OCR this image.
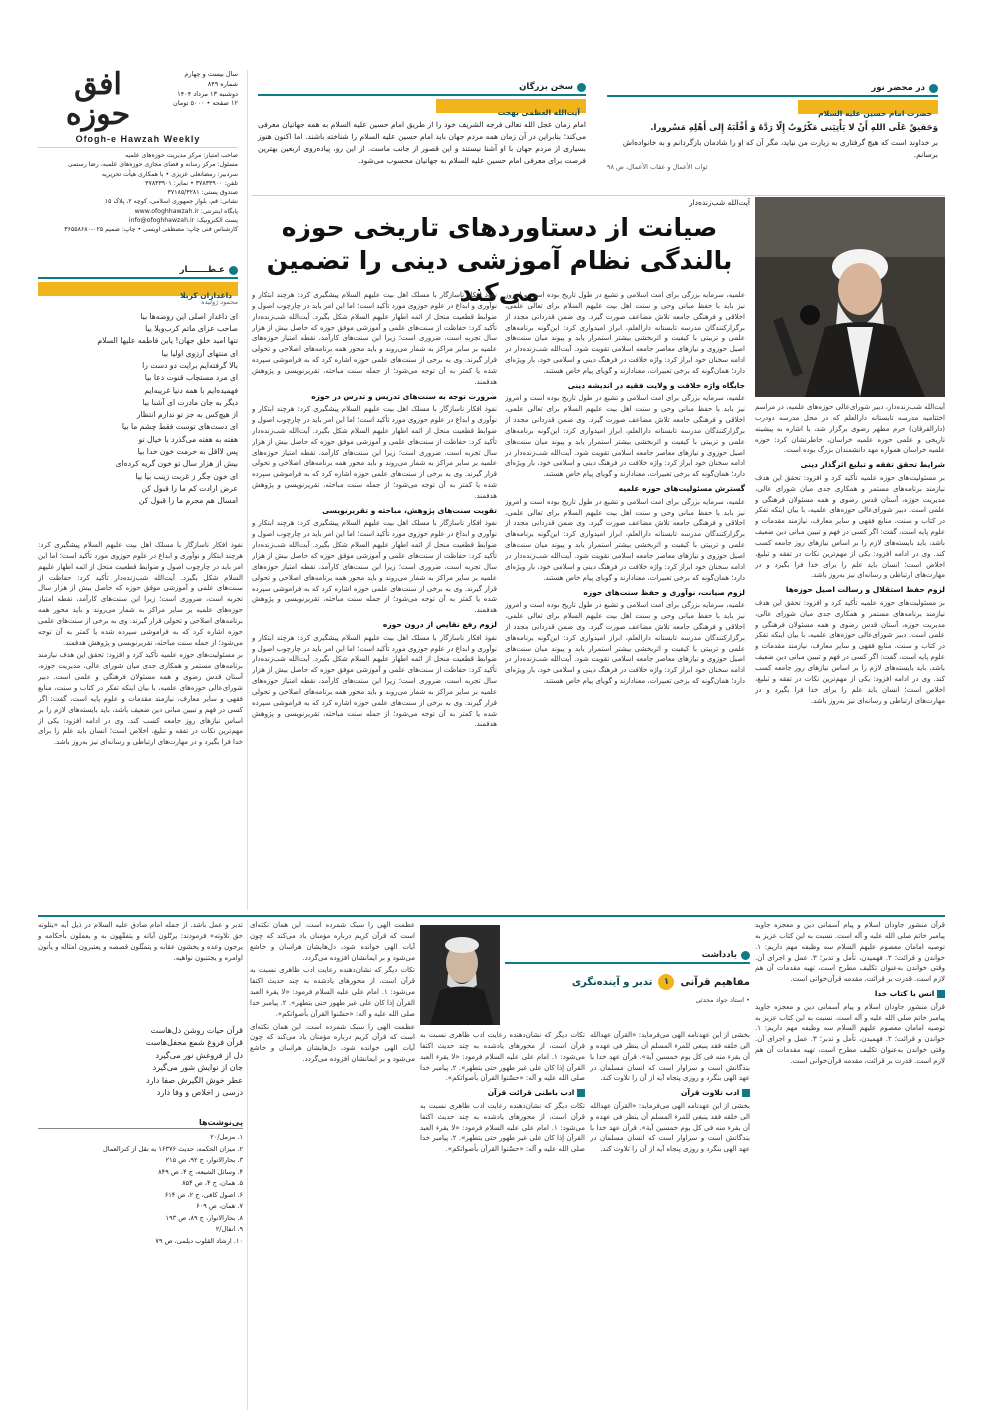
سال بیست و چهارم
شماره ۸۴۹
دوشنبه ۱۳ مرداد ۱۴۰۴
۱۲ صفحه • ۵۰۰۰ تومان
افق حوزه
Ofogh-e Hawzah Weekly
صاحب امتیاز: مرکز مدیریت حوزه‌های علمیه
مسئول: مرکز رسانه و فضای مجازی حوزه‌های علمیه، رضا رستمی
سردبیر: رمضانعلی عزیزی • با همکاری هیأت تحریریه
تلفن: ۳۷۸۳۳۹۰۰ • نمابر: ۳۷۸۳۳۹۰۱
صندوق پستی: ۳۷۱۸۵/۳۲۸۱
نشانی: قم، بلوار جمهوری اسلامی، کوچه ۲، پلاک ۱۵
پایگاه اینترنتی: www.ofoghhawzah.ir
پست الکترونیک: info@ofoghhawzah.ir
کارشناس فنی چاپ: مصطفی اویسی • چاپ: صمیم ۰۲۵-۳۶۵۵۸۶۸۰
در محضر نور
حضرت امام حسین علیه السلام
وَحَقیقٌ عَلَی اللهِ أَنْ لا یَأْتِیَنی مَکْرُوبٌ إِلّا رَدَّهُ وَ أَقْلَبَهُ إِلی أَهْلِهِ مَسْرورا.
بر خداوند است که هیچ گرفتاری به زیارت من نیاید، مگر آن که او را شادمان بازگردانم و به خانواده‌اش برسانم.
ثواب الأعمال و عقاب الأعمال، ص ۹۸
سخن بزرگان
آیت‌الله العظمی بهجت
امام زمان عجل الله تعالی فرجه الشریف خود را از طریق امام حسین علیه السلام به همه جهانیان معرفی می‌کند؛ بنابراین در آن زمان همه مردم جهان باید امام حسین علیه السلام را شناخته باشند. اما اکنون هنوز بسیاری از مردم جهان با او آشنا نیستند و این قصور از جانب ماست. از این رو، پیاده‌روی اربعین بهترین فرصت برای معرفی امام حسین علیه السلام به جهانیان محسوب می‌شود.
آیت‌الله شب‌زنده‌دار
صیانت از دستاوردهای تاریخی حوزه
بالندگی نظام آموزشی دینی را تضمین می‌کند

آیت‌الله شب‌زنده‌دار، دبیر شورای‌عالی حوزه‌های علمیه، در مراسم اختتامیه مدرسه تابستانه دارالعلم که در محل مدرسه دودرب (دارالفرقان) حرم مطهر رضوی برگزار شد، با اشاره به پیشینه تاریخی و علمی حوزه علمیه خراسان، خاطرنشان کرد: حوزه علمیه خراسان همواره مهد دانشمندان بزرگ بوده است.

شرایط تحقق تفقه و تبلیغ اثرگذار دینی

بر مسئولیت‌های حوزه علمیه تأکید کرد و افزود: تحقق این هدف نیازمند برنامه‌های مستمر و همکاری جدی میان شورای عالی، مدیریت حوزه، آستان قدس رضوی و همه مسئولان فرهنگی و علمی است. دبیر شورای‌عالی حوزه‌های علمیه، با بیان اینکه تفکر در کتاب و سنت، منابع فقهی و سایر معارف، نیازمند مقدمات و علوم پایه است، گفت: اگر کسی در فهم و تبیین مبانی دین ضعیف باشد، باید بایسته‌های لازم را بر اساس نیازهای روز جامعه کسب کند. وی در ادامه افزود: یکی از مهم‌ترین نکات در تفقه و تبلیغ، اخلاص است؛ انسان باید علم را برای خدا فرا بگیرد و در مهارت‌های ارتباطی و رسانه‌ای نیز به‌روز باشد.

لزوم حفظ استقلال و رسالت اصیل حوزه‌ها

بر مسئولیت‌های حوزه علمیه تأکید کرد و افزود: تحقق این هدف نیازمند برنامه‌های مستمر و همکاری جدی میان شورای عالی، مدیریت حوزه، آستان قدس رضوی و همه مسئولان فرهنگی و علمی است. دبیر شورای‌عالی حوزه‌های علمیه، با بیان اینکه تفکر در کتاب و سنت، منابع فقهی و سایر معارف، نیازمند مقدمات و علوم پایه است، گفت: اگر کسی در فهم و تبیین مبانی دین ضعیف باشد، باید بایسته‌های لازم را بر اساس نیازهای روز جامعه کسب کند. وی در ادامه افزود: یکی از مهم‌ترین نکات در تفقه و تبلیغ، اخلاص است؛ انسان باید علم را برای خدا فرا بگیرد و در مهارت‌های ارتباطی و رسانه‌ای نیز به‌روز باشد.

علمیه، سرمایه بزرگی برای امت اسلامی و تشیع در طول تاریخ بوده است و امروز نیز باید با حفظ مبانی وحی و سنت اهل بیت علیهم السلام برای تعالی علمی، اخلاقی و فرهنگی جامعه تلاش مضاعف صورت گیرد. وی ضمن قدردانی مجدد از برگزارکنندگان مدرسه تابستانه دارالعلم، ابراز امیدواری کرد: این‌گونه برنامه‌های علمی و تربیتی با کیفیت و اثربخشی بیشتر استمرار یابد و پیوند میان سنت‌های اصیل حوزوی و نیازهای معاصر جامعه اسلامی تقویت شود. آیت‌الله شب‌زنده‌دار در ادامه سخنان خود ابراز کرد: واژه خلافت در فرهنگ دینی و اسلامی خود، بار ویژه‌ای دارد؛ همان‌گونه که برخی تعبیرات، معنادارند و گویای پیام خاص هستند.

جایگاه واژه خلافت و ولایت فقیه در اندیشه دینی

علمیه، سرمایه بزرگی برای امت اسلامی و تشیع در طول تاریخ بوده است و امروز نیز باید با حفظ مبانی وحی و سنت اهل بیت علیهم السلام برای تعالی علمی، اخلاقی و فرهنگی جامعه تلاش مضاعف صورت گیرد. وی ضمن قدردانی مجدد از برگزارکنندگان مدرسه تابستانه دارالعلم، ابراز امیدواری کرد: این‌گونه برنامه‌های علمی و تربیتی با کیفیت و اثربخشی بیشتر استمرار یابد و پیوند میان سنت‌های اصیل حوزوی و نیازهای معاصر جامعه اسلامی تقویت شود. آیت‌الله شب‌زنده‌دار در ادامه سخنان خود ابراز کرد: واژه خلافت در فرهنگ دینی و اسلامی خود، بار ویژه‌ای دارد؛ همان‌گونه که برخی تعبیرات، معنادارند و گویای پیام خاص هستند.

گسترش مسئولیت‌های حوزه علمیه

علمیه، سرمایه بزرگی برای امت اسلامی و تشیع در طول تاریخ بوده است و امروز نیز باید با حفظ مبانی وحی و سنت اهل بیت علیهم السلام برای تعالی علمی، اخلاقی و فرهنگی جامعه تلاش مضاعف صورت گیرد. وی ضمن قدردانی مجدد از برگزارکنندگان مدرسه تابستانه دارالعلم، ابراز امیدواری کرد: این‌گونه برنامه‌های علمی و تربیتی با کیفیت و اثربخشی بیشتر استمرار یابد و پیوند میان سنت‌های اصیل حوزوی و نیازهای معاصر جامعه اسلامی تقویت شود. آیت‌الله شب‌زنده‌دار در ادامه سخنان خود ابراز کرد: واژه خلافت در فرهنگ دینی و اسلامی خود، بار ویژه‌ای دارد؛ همان‌گونه که برخی تعبیرات، معنادارند و گویای پیام خاص هستند.

لزوم صیانت، نوآوری و حفظ سنت‌های حوزه

علمیه، سرمایه بزرگی برای امت اسلامی و تشیع در طول تاریخ بوده است و امروز نیز باید با حفظ مبانی وحی و سنت اهل بیت علیهم السلام برای تعالی علمی، اخلاقی و فرهنگی جامعه تلاش مضاعف صورت گیرد. وی ضمن قدردانی مجدد از برگزارکنندگان مدرسه تابستانه دارالعلم، ابراز امیدواری کرد: این‌گونه برنامه‌های علمی و تربیتی با کیفیت و اثربخشی بیشتر استمرار یابد و پیوند میان سنت‌های اصیل حوزوی و نیازهای معاصر جامعه اسلامی تقویت شود. آیت‌الله شب‌زنده‌دار در ادامه سخنان خود ابراز کرد: واژه خلافت در فرهنگ دینی و اسلامی خود، بار ویژه‌ای دارد؛ همان‌گونه که برخی تعبیرات، معنادارند و گویای پیام خاص هستند.

نفوذ افکار ناسازگار با مسلک اهل بیت علیهم السلام پیشگیری کرد: هرچند ابتکار و نوآوری و ابداع در علوم حوزوی مورد تأکید است؛ اما این امر باید در چارچوب اصول و ضوابط قطعیت منحل از ائمه اطهار علیهم السلام شکل بگیرد. آیت‌الله شب‌زنده‌دار تأکید کرد: حفاظت از سنت‌های علمی و آموزشی موفق حوزه که حاصل بیش از هزار سال تجربه است، ضروری است؛ زیرا این سنت‌های کارآمد، نقطه امتیاز حوزه‌های علمیه بر سایر مراکز به شمار می‌روند و باید محور همه برنامه‌های اصلاحی و تحولی قرار گیرند. وی به برخی از سنت‌های علمی حوزه اشاره کرد که به فراموشی سپرده شده یا کمتر به آن توجه می‌شود؛ از جمله سنت مباحثه، تقریرنویسی و پژوهش هدفمند.

ضرورت توجه به سنت‌های تدریس و تدرس در حوزه

نفوذ افکار ناسازگار با مسلک اهل بیت علیهم السلام پیشگیری کرد: هرچند ابتکار و نوآوری و ابداع در علوم حوزوی مورد تأکید است؛ اما این امر باید در چارچوب اصول و ضوابط قطعیت منحل از ائمه اطهار علیهم السلام شکل بگیرد. آیت‌الله شب‌زنده‌دار تأکید کرد: حفاظت از سنت‌های علمی و آموزشی موفق حوزه که حاصل بیش از هزار سال تجربه است، ضروری است؛ زیرا این سنت‌های کارآمد، نقطه امتیاز حوزه‌های علمیه بر سایر مراکز به شمار می‌روند و باید محور همه برنامه‌های اصلاحی و تحولی قرار گیرند. وی به برخی از سنت‌های علمی حوزه اشاره کرد که به فراموشی سپرده شده یا کمتر به آن توجه می‌شود؛ از جمله سنت مباحثه، تقریرنویسی و پژوهش هدفمند.

تقویت سنت‌های پژوهش، مباحثه و تقریرنویسی

نفوذ افکار ناسازگار با مسلک اهل بیت علیهم السلام پیشگیری کرد: هرچند ابتکار و نوآوری و ابداع در علوم حوزوی مورد تأکید است؛ اما این امر باید در چارچوب اصول و ضوابط قطعیت منحل از ائمه اطهار علیهم السلام شکل بگیرد. آیت‌الله شب‌زنده‌دار تأکید کرد: حفاظت از سنت‌های علمی و آموزشی موفق حوزه که حاصل بیش از هزار سال تجربه است، ضروری است؛ زیرا این سنت‌های کارآمد، نقطه امتیاز حوزه‌های علمیه بر سایر مراکز به شمار می‌روند و باید محور همه برنامه‌های اصلاحی و تحولی قرار گیرند. وی به برخی از سنت‌های علمی حوزه اشاره کرد که به فراموشی سپرده شده یا کمتر به آن توجه می‌شود؛ از جمله سنت مباحثه، تقریرنویسی و پژوهش هدفمند.

لزوم رفع نقایص از درون حوزه

نفوذ افکار ناسازگار با مسلک اهل بیت علیهم السلام پیشگیری کرد: هرچند ابتکار و نوآوری و ابداع در علوم حوزوی مورد تأکید است؛ اما این امر باید در چارچوب اصول و ضوابط قطعیت منحل از ائمه اطهار علیهم السلام شکل بگیرد. آیت‌الله شب‌زنده‌دار تأکید کرد: حفاظت از سنت‌های علمی و آموزشی موفق حوزه که حاصل بیش از هزار سال تجربه است، ضروری است؛ زیرا این سنت‌های کارآمد، نقطه امتیاز حوزه‌های علمیه بر سایر مراکز به شمار می‌روند و باید محور همه برنامه‌های اصلاحی و تحولی قرار گیرند. وی به برخی از سنت‌های علمی حوزه اشاره کرد که به فراموشی سپرده شده یا کمتر به آن توجه می‌شود؛ از جمله سنت مباحثه، تقریرنویسی و پژوهش هدفمند.

عـطـــــــار
داغداران کربلا
محمود ژولیده
ای داغدار اصلی این روضه‌ها بیا
صاحب عزای ماتم کرب‌وبلا بیا
تنها امید خلق جهان! یابن فاطمه علیها السلام
ای منتهای آرزوی اولیا بیا
بالا گرفته‌ایم برایت دو دست را
ای مرد مستجاب قنوت دعا بیا
فهمیده‌ایم با همه دنیا غریبه‌ایم
دیگر به جان مادرت ای آشنا بیا
از هیچ‌کس به جز تو ندارم انتظار
ای دست‌های توست فقط چشم ما بیا
هفته به هفته می‌گذرد با خیال تو
پس لااقل به حرمت خون خدا بیا
بیش از هزار سال تو خون گریه کرده‌ای
ای خون جگر ز غربت زینب بیا بیا
عرض ارادت کم ما را قبول کن
امسال هم محرم ما را قبول کن

نفوذ افکار ناسازگار با مسلک اهل بیت علیهم السلام پیشگیری کرد: هرچند ابتکار و نوآوری و ابداع در علوم حوزوی مورد تأکید است؛ اما این امر باید در چارچوب اصول و ضوابط قطعیت منحل از ائمه اطهار علیهم السلام شکل بگیرد. آیت‌الله شب‌زنده‌دار تأکید کرد: حفاظت از سنت‌های علمی و آموزشی موفق حوزه که حاصل بیش از هزار سال تجربه است، ضروری است؛ زیرا این سنت‌های کارآمد، نقطه امتیاز حوزه‌های علمیه بر سایر مراکز به شمار می‌روند و باید محور همه برنامه‌های اصلاحی و تحولی قرار گیرند. وی به برخی از سنت‌های علمی حوزه اشاره کرد که به فراموشی سپرده شده یا کمتر به آن توجه می‌شود؛ از جمله سنت مباحثه، تقریرنویسی و پژوهش هدفمند.

بر مسئولیت‌های حوزه علمیه تأکید کرد و افزود: تحقق این هدف نیازمند برنامه‌های مستمر و همکاری جدی میان شورای عالی، مدیریت حوزه، آستان قدس رضوی و همه مسئولان فرهنگی و علمی است. دبیر شورای‌عالی حوزه‌های علمیه، با بیان اینکه تفکر در کتاب و سنت، منابع فقهی و سایر معارف، نیازمند مقدمات و علوم پایه است، گفت: اگر کسی در فهم و تبیین مبانی دین ضعیف باشد، باید بایسته‌های لازم را بر اساس نیازهای روز جامعه کسب کند. وی در ادامه افزود: یکی از مهم‌ترین نکات در تفقه و تبلیغ، اخلاص است؛ انسان باید علم را برای خدا فرا بگیرد و در مهارت‌های ارتباطی و رسانه‌ای نیز به‌روز باشد.

قرآن منشور جاودان اسلام و پیام آسمانی دین و معجزه جاوید پیامبر خاتم صلی الله علیه و آله است. نسبت به این کتاب عزیز به توصیه امامان معصوم علیهم السلام سه وظیفه مهم داریم: ۱. خواندن و قرائت؛ ۲. فهمیدن، تأمل و تدبر؛ ۳. عمل و اجرای آن. وقتی خواندن به‌عنوان تکلیف مطرح است، تهیه مقدمات آن هم لازم است. قدرت بر قرائت، مقدمه قرآن‌خوانی است.

انس با کتاب خدا

قرآن منشور جاودان اسلام و پیام آسمانی دین و معجزه جاوید پیامبر خاتم صلی الله علیه و آله است. نسبت به این کتاب عزیز به توصیه امامان معصوم علیهم السلام سه وظیفه مهم داریم: ۱. خواندن و قرائت؛ ۲. فهمیدن، تأمل و تدبر؛ ۳. عمل و اجرای آن. وقتی خواندن به‌عنوان تکلیف مطرح است، تهیه مقدمات آن هم لازم است. قدرت بر قرائت، مقدمه قرآن‌خوانی است.

یادداشت
مفاهیم قرآنی
۱
تدبر و آینده‌نگری
• استاد جواد محدثی

بخشی از این عهدنامه الهی می‌فرماید: «القرآن عهدالله الی خلقه فقد ینبغی للمرء المسلم أن ینظر فی عهده و أن یقرء منه فی کل یوم خمسین آیة». قرآن عهد خدا با بندگانش است و سزاوار است که انسان مسلمان در عهد الهی بنگرد و روزی پنجاه آیه از آن را تلاوت کند.

ادب تلاوت قرآن

بخشی از این عهدنامه الهی می‌فرماید: «القرآن عهدالله الی خلقه فقد ینبغی للمرء المسلم أن ینظر فی عهده و أن یقرء منه فی کل یوم خمسین آیة». قرآن عهد خدا با بندگانش است و سزاوار است که انسان مسلمان در عهد الهی بنگرد و روزی پنجاه آیه از آن را تلاوت کند.

تکات دیگر که نشان‌دهنده رعایت ادب ظاهری نسبت به قرآن است، از محورهای یادشده به چند حدیث اکتفا می‌شود: ۱. امام علی علیه السلام فرمود: «لا یقرء العبد القرآن إذا کان علی غیر طهور حتی یتطهر». ۲. پیامبر خدا صلی الله علیه و آله: «حسّنوا القرآن بأصواتکم».

ادب باطنی قرائت قرآن

تکات دیگر که نشان‌دهنده رعایت ادب ظاهری نسبت به قرآن است، از محورهای یادشده به چند حدیث اکتفا می‌شود: ۱. امام علی علیه السلام فرمود: «لا یقرء العبد القرآن إذا کان علی غیر طهور حتی یتطهر». ۲. پیامبر خدا صلی الله علیه و آله: «حسّنوا القرآن بأصواتکم».

عظمت الهی را سبک شمرده است. این همان نکته‌ای است که قرآن کریم درباره مؤمنان یاد می‌کند که چون آیات الهی خوانده شود، دل‌هایشان هراسان و خاشع می‌شود و بر ایمانشان افزوده می‌گردد.

تکات دیگر که نشان‌دهنده رعایت ادب ظاهری نسبت به قرآن است، از محورهای یادشده به چند حدیث اکتفا می‌شود: ۱. امام علی علیه السلام فرمود: «لا یقرء العبد القرآن إذا کان علی غیر طهور حتی یتطهر». ۲. پیامبر خدا صلی الله علیه و آله: «حسّنوا القرآن بأصواتکم».

عظمت الهی را سبک شمرده است. این همان نکته‌ای است که قرآن کریم درباره مؤمنان یاد می‌کند که چون آیات الهی خوانده شود، دل‌هایشان هراسان و خاشع می‌شود و بر ایمانشان افزوده می‌گردد.

تدبر و عمل باشد. از جمله امام صادق علیه السلام در ذیل آیه «یتلونه حق تلاوته» فرمودند: یرتّلون آیاته و یتفقّهون به و یعملون بأحکامه و یرجون وعده و یخشون عقابه و یتمثّلون قصصه و یعتبرون امثاله و یأتون اوامره و یجتنبون نواهیه.

قرآن حیات روشن دل‌هاست
قرآن فروغ شمع محفل‌هاست
دل از فروغش نور می‌گیرد
جان از نوایش شور می‌گیرد
عطر خوش الگیرش صفا دارد
درسی ز اخلاص و وفا دارد
پی‌نوشت‌ها
۱. مزمل/۲۰
۲. میزان الحکمه، حدیث ۱۶۳۷۶ به نقل از کنزالعمال
۳. بحارالانوار، ج ۹۲، ص ۲۱۵
۴. وسائل الشیعه، ج ۴، ص ۸۴۹
۵. همان، ج ۴، ص ۸۵۴
۶. اصول کافی، ج ۲، ص ۶۱۴
۷. همان، ص ۶۰۹
۸. بحارالانوار، ج ۸۹، ص ۱۹۳
۹. انفال/۲
۱۰. ارشاد القلوب دیلمی، ص ۷۹
